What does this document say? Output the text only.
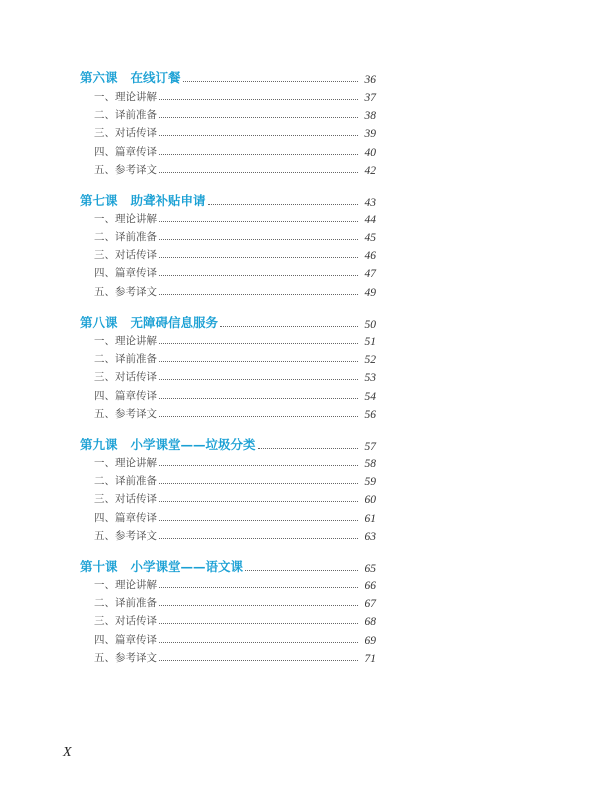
第六课 在线订餐	36
一、理论讲解	37
二、译前准备	38
三、对话传译	39
四、篇章传译	40
五、参考译文	42
第七课 助聋补贴申请	43
一、理论讲解	44
二、译前准备	45
三、对话传译	46
四、篇章传译	47
五、参考译文	49
第八课 无障碍信息服务	50
一、理论讲解	51
二、译前准备	52
三、对话传译	53
四、篇章传译	54
五、参考译文	56
第九课 小学课堂——垃圾分类	57
一、理论讲解	58
二、译前准备	59
三、对话传译	60
四、篇章传译	61
五、参考译文	63
第十课 小学课堂——语文课	65
一、理论讲解	66
二、译前准备	67
三、对话传译	68
四、篇章传译	69
五、参考译文	71
X
